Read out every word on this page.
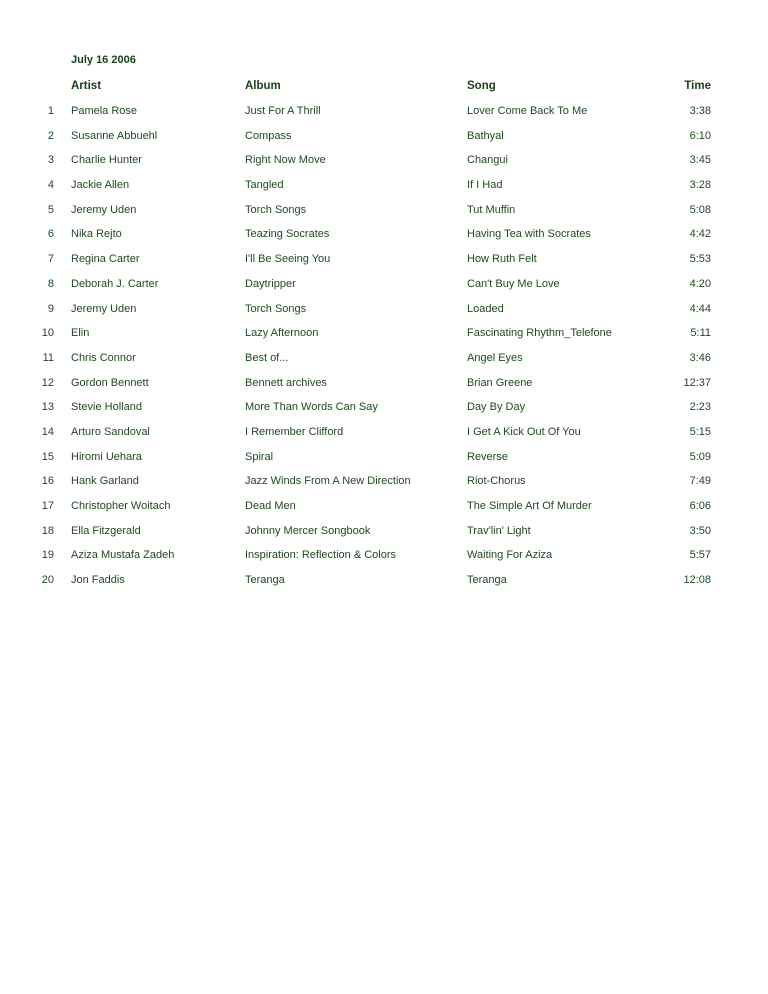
July 16 2006
Artist	Album	Song	Time
1 Pamela Rose	Just For A Thrill	Lover Come Back To Me	3:38
2 Susanne Abbuehl	Compass	Bathyal	6:10
3 Charlie Hunter	Right Now Move	Changui	3:45
4 Jackie Allen	Tangled	If I Had	3:28
5 Jeremy Uden	Torch Songs	Tut Muffin	5:08
6 Nika Rejto	Teazing Socrates	Having Tea with Socrates	4:42
7 Regina Carter	I'll Be Seeing You	How Ruth Felt	5:53
8 Deborah J. Carter	Daytripper	Can't Buy Me Love	4:20
9 Jeremy Uden	Torch Songs	Loaded	4:44
10 Elin	Lazy Afternoon	Fascinating Rhythm_Telefone	5:11
11 Chris Connor	Best of...	Angel Eyes	3:46
12 Gordon Bennett	Bennett archives	Brian Greene	12:37
13 Stevie Holland	More Than Words Can Say	Day By Day	2:23
14 Arturo Sandoval	I Remember Clifford	I Get A Kick Out Of You	5:15
15 Hiromi Uehara	Spiral	Reverse	5:09
16 Hank Garland	Jazz Winds From A New Direction	Riot-Chorus	7:49
17 Christopher Woitach	Dead Men	The Simple Art Of Murder	6:06
18 Ella Fitzgerald	Johnny Mercer Songbook	Trav'lin' Light	3:50
19 Aziza Mustafa Zadeh	Inspiration: Reflection & Colors	Waiting For Aziza	5:57
20 Jon Faddis	Teranga	Teranga	12:08
